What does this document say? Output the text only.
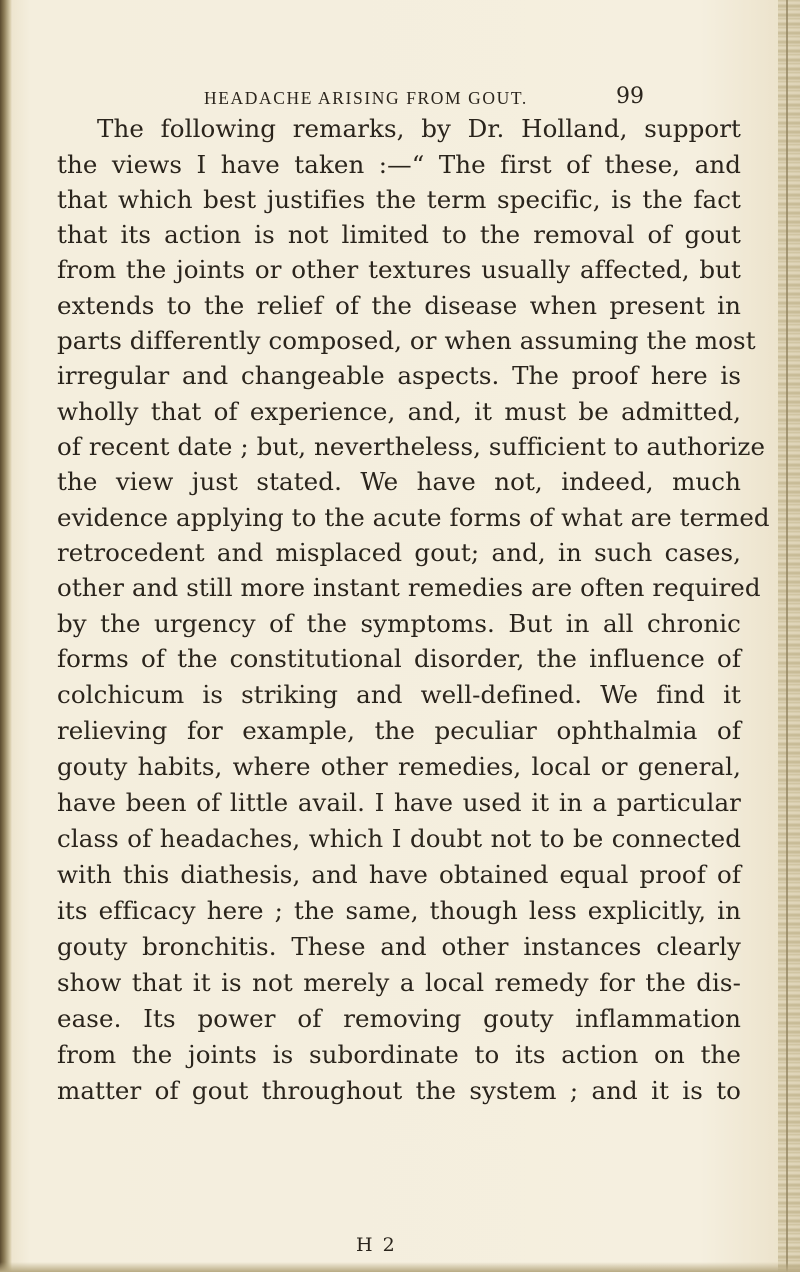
HEADACHE ARISING FROM GOUT.	99
The following remarks, by Dr. Holland, support
the views I have taken :—“ The first of these, and
that which best justifies the term specific, is the fact
that its action is not limited to the removal of gout
from the joints or other textures usually affected, but
extends to the relief of the disease when present in
parts differently composed, or when assuming the most
irregular and changeable aspects. The proof here is
wholly that of experience, and, it must be admitted,
of recent date ; but, nevertheless, sufficient to authorize
the view just stated. We have not, indeed, much
evidence applying to the acute forms of what are termed
retrocedent and misplaced gout; and, in such cases,
other and still more instant remedies are often required
by the urgency of the symptoms. But in all chronic
forms of the constitutional disorder, the influence of
colchicum is striking and well-defined. We find it
relieving for example, the peculiar ophthalmia of
gouty habits, where other remedies, local or general,
have been of little avail. I have used it in a particular
class of headaches, which I doubt not to be connected
with this diathesis, and have obtained equal proof of
its efficacy here ; the same, though less explicitly, in
gouty bronchitis. These and other instances clearly
show that it is not merely a local remedy for the dis-
ease. Its power of removing gouty inflammation
from the joints is subordinate to its action on the
matter of gout throughout the system ; and it is to
H 2
